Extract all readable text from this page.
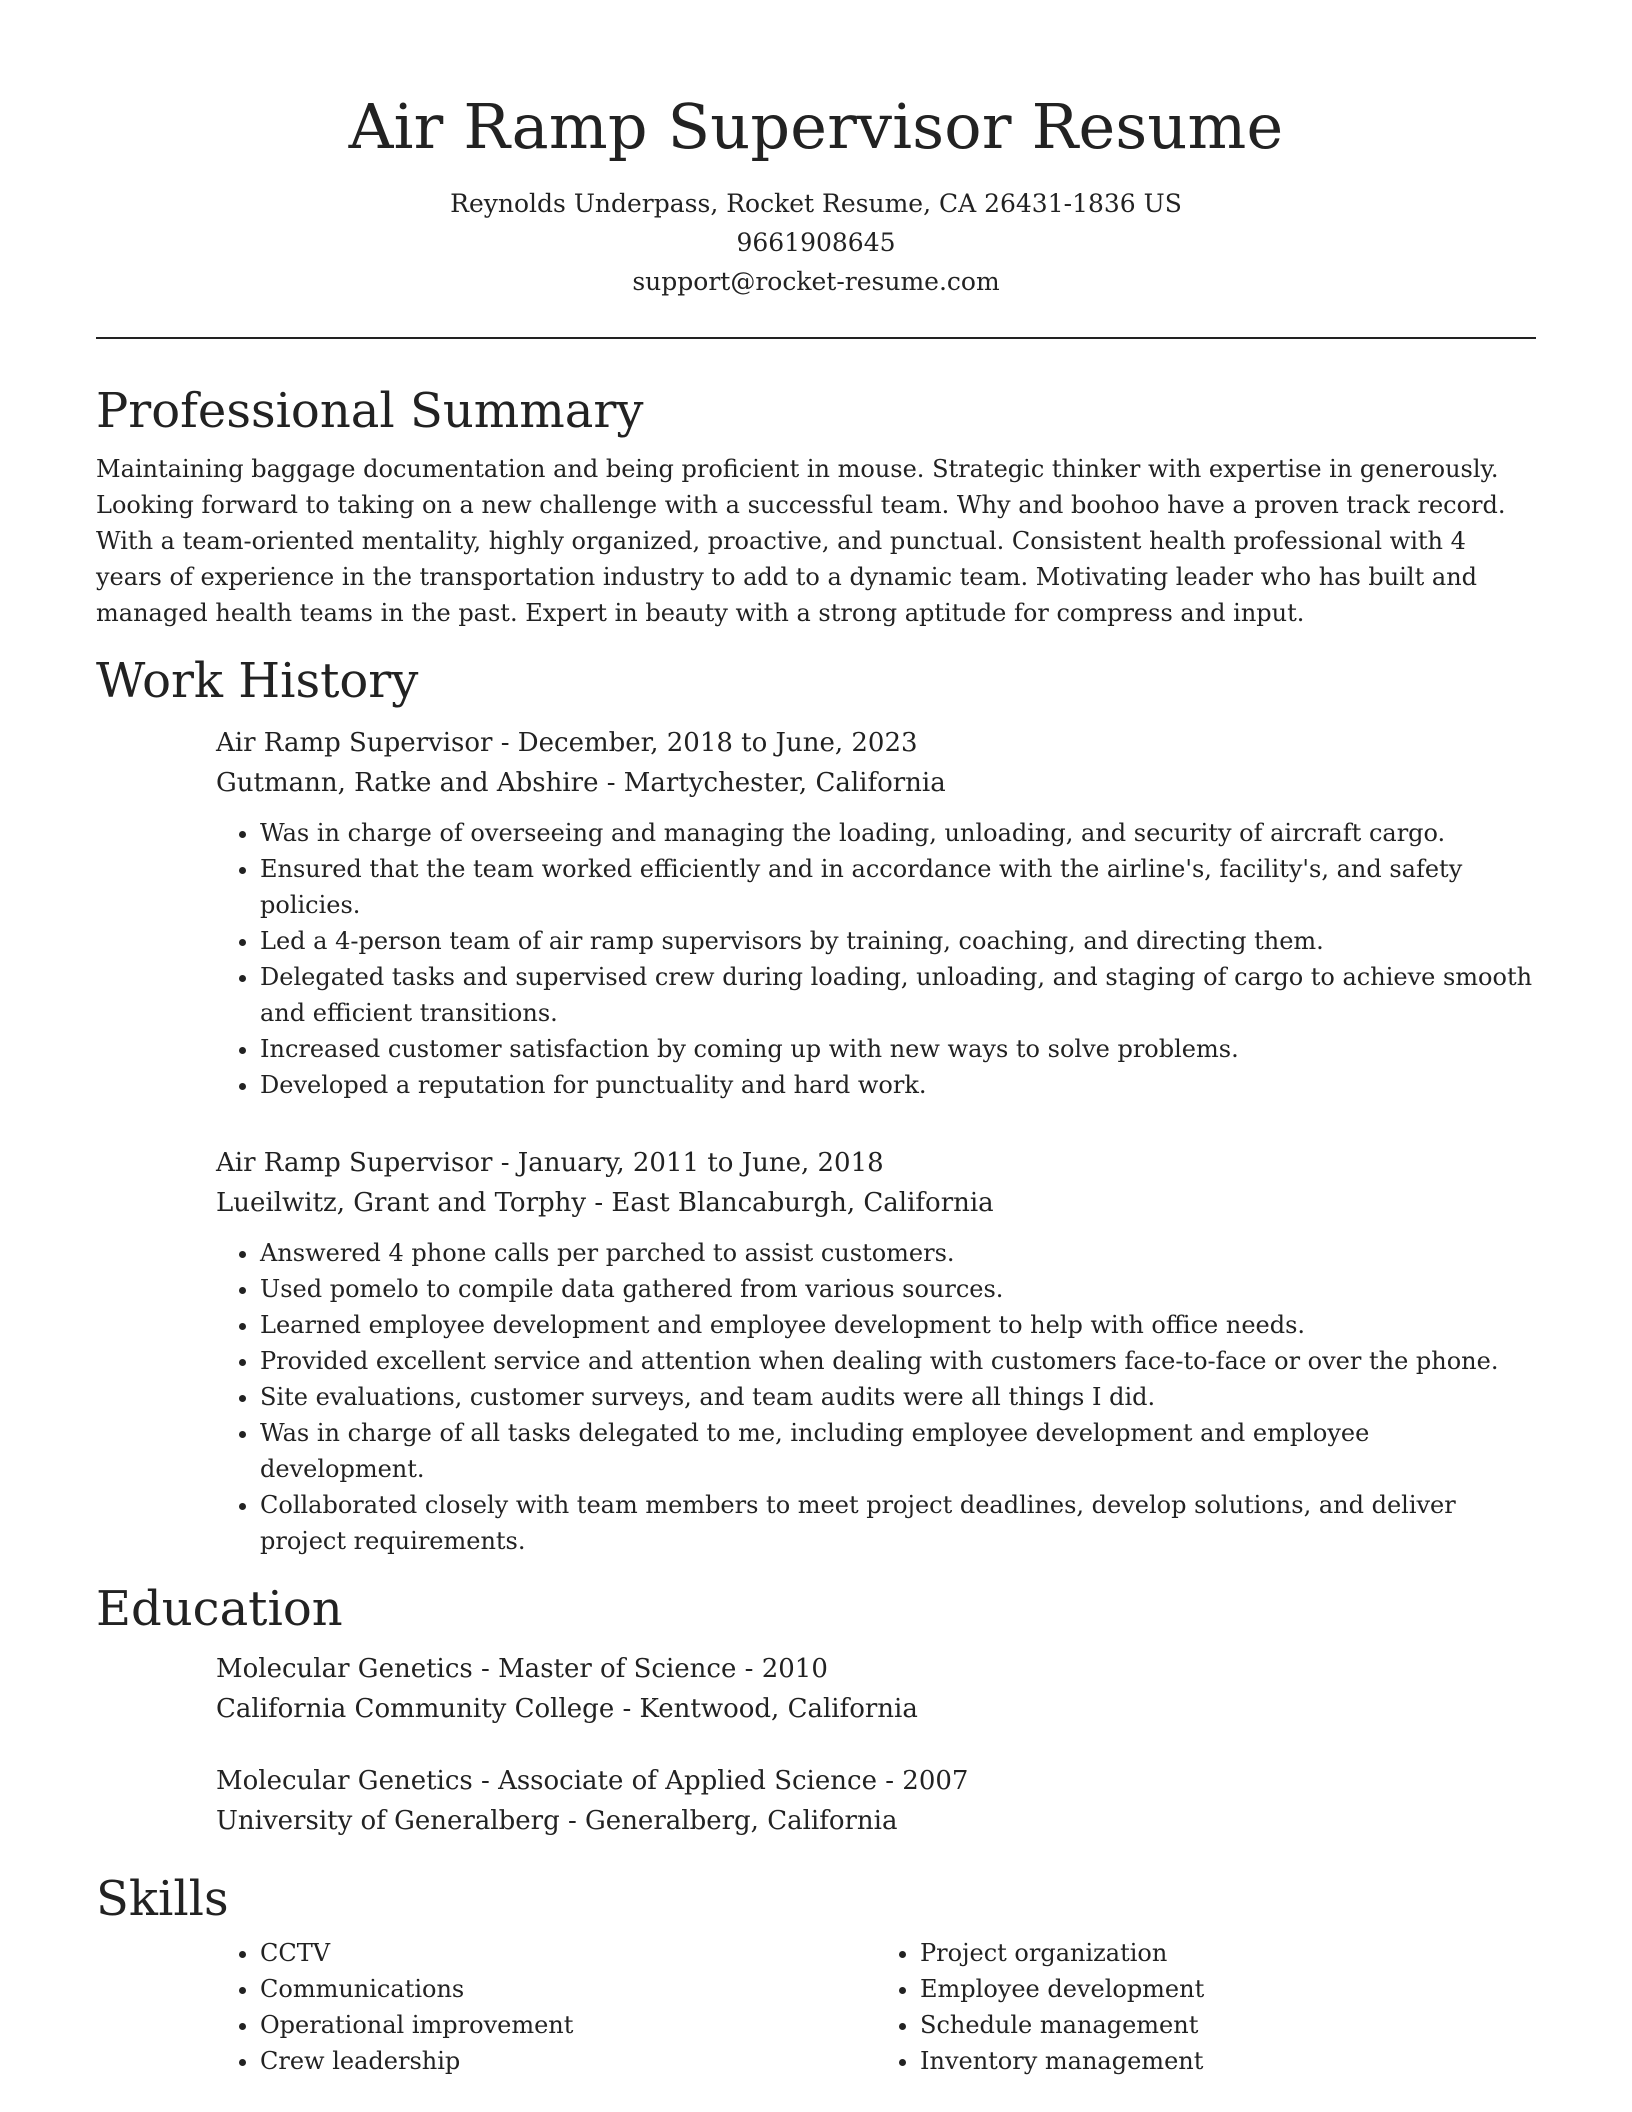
Air Ramp Supervisor Resume

Reynolds Underpass, Rocket Resume, CA 26431-1836 US

9661908645

support@rocket-resume.com

Professional Summary

Maintaining baggage documentation and being proficient in mouse. Strategic thinker with expertise in generously. Looking forward to taking on a new challenge with a successful team. Why and boohoo have a proven track record. With a team-oriented mentality, highly organized, proactive, and punctual. Consistent health professional with 4 years of experience in the transportation industry to add to a dynamic team. Motivating leader who has built and managed health teams in the past. Expert in beauty with a strong aptitude for compress and input.

Work History

Air Ramp Supervisor - December, 2018 to June, 2023

Gutmann, Ratke and Abshire - Martychester, California

• Was in charge of overseeing and managing the loading, unloading, and security of aircraft cargo.
• Ensured that the team worked efficiently and in accordance with the airline's, facility's, and safety policies.
• Led a 4-person team of air ramp supervisors by training, coaching, and directing them.
• Delegated tasks and supervised crew during loading, unloading, and staging of cargo to achieve smooth and efficient transitions.
• Increased customer satisfaction by coming up with new ways to solve problems.
• Developed a reputation for punctuality and hard work.

Air Ramp Supervisor - January, 2011 to June, 2018

Lueilwitz, Grant and Torphy - East Blancaburgh, California

• Answered 4 phone calls per parched to assist customers.
• Used pomelo to compile data gathered from various sources.
• Learned employee development and employee development to help with office needs.
• Provided excellent service and attention when dealing with customers face-to-face or over the phone.
• Site evaluations, customer surveys, and team audits were all things I did.
• Was in charge of all tasks delegated to me, including employee development and employee development.
• Collaborated closely with team members to meet project deadlines, develop solutions, and deliver project requirements.
Education

Molecular Genetics - Master of Science - 2010

California Community College - Kentwood, California

Molecular Genetics - Associate of Applied Science - 2007

University of Generalberg - Generalberg, California

Skills
• CCTV
• Communications
• Operational improvement
• Crew leadership
• Project organization
• Employee development
• Schedule management
• Inventory management
